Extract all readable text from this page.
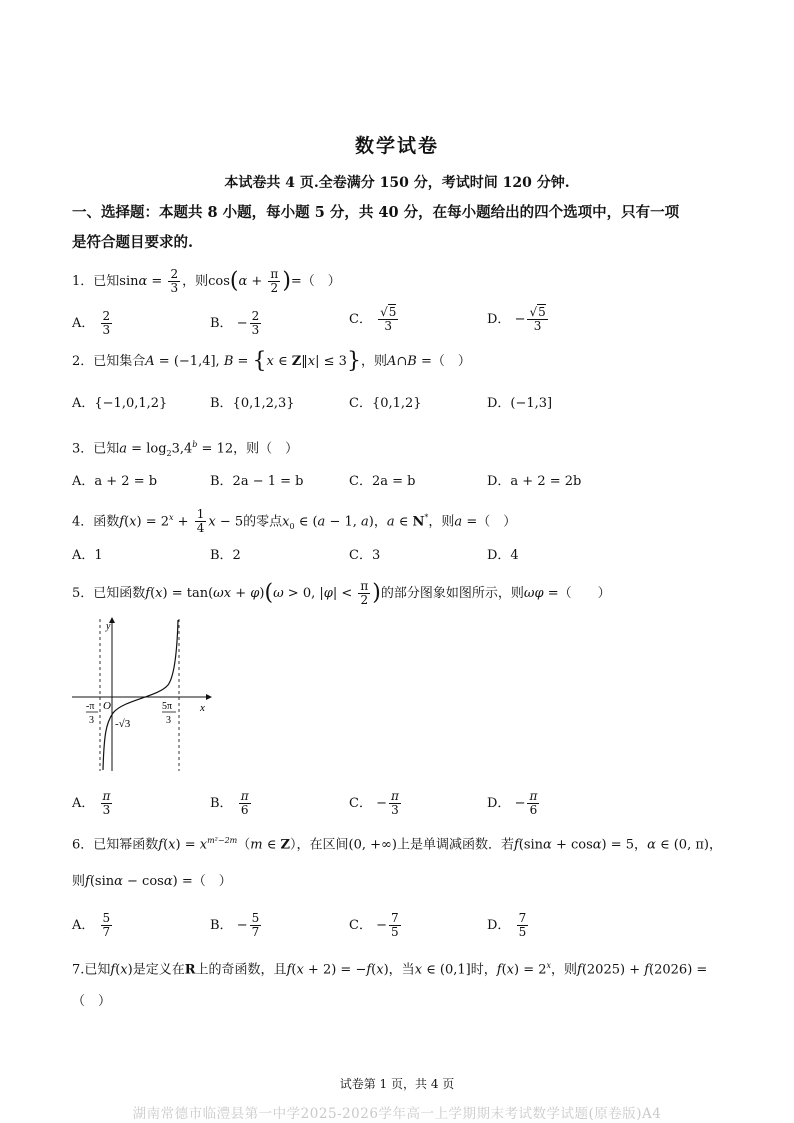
数学试卷
本试卷共 4 页.全卷满分 150 分，考试时间 120 分钟.
一、选择题：本题共 8 小题，每小题 5 分，共 40 分，在每小题给出的四个选项中，只有一项
是符合题目要求的.
1．已知$\sin\alpha = \frac{2}{3}$ ，则$\cos(\alpha + \frac{\pi}{2}$ )=（　）
A． $\frac{2}{3}$	B． − $\frac{2}{3}$	C． $\frac{√5}{3}$	D． − $\frac{√5}{3}$
2．已知集合A = (−1,4], B = {x ∈ Z‖x| ≤ 3}，则A∩B =（　）
A．{−1,0,1,2}	B．{0,1,2,3}	C．{0,1,2}	D．(−1,3]
3．已知$a = \log_23,4^b = 12$，则（　）
A．a + 2 = b	B．2a − 1 = b	C．2a = b	D．a + 2 = 2b
4．函数$f(x) = 2^x + \frac{1}{4}$ x − 5的零点$x_0$ ∈ (a − 1, a)，a ∈ N*，则a =（　）
A．1	B．2	C．3	D．4
5．已知函数f(x) = tan(ωx + φ)(ω > 0, $|\varphi| < \frac{\pi}{2}$ )的部分图象如图所示，则ωφ =（　　）
y
x
O
-π
3
5π
3
-√3
A． $\frac{\pi}{3}$	B． $\frac{\pi}{6}$	C． − $\frac{\pi}{3}$	D． − $\frac{\pi}{6}$
6．已知幂函数$f(x) = x^{m^2-2m}(m$ ∈ Z），在区间(0, +∞)上是单调减函数．若f(sinα + cosα) = 5，α ∈ (0, π)，
则f(sinα − cosα) =（　）
A． $\frac{5}{7}$	B． − $\frac{5}{7}$	C． − $\frac{7}{5}$	D． $\frac{7}{5}$
7.已知f(x)是定义在R上的奇函数，且f(x + 2) = −f(x)，当x ∈ (0,1]时，$f(x) = 2^x$，则f(2025) + f(2026) =
（　）
试卷第 1 页，共 4 页
湖南常德市临澧县第一中学2025-2026学年高一上学期期末考试数学试题(原卷版)A4
